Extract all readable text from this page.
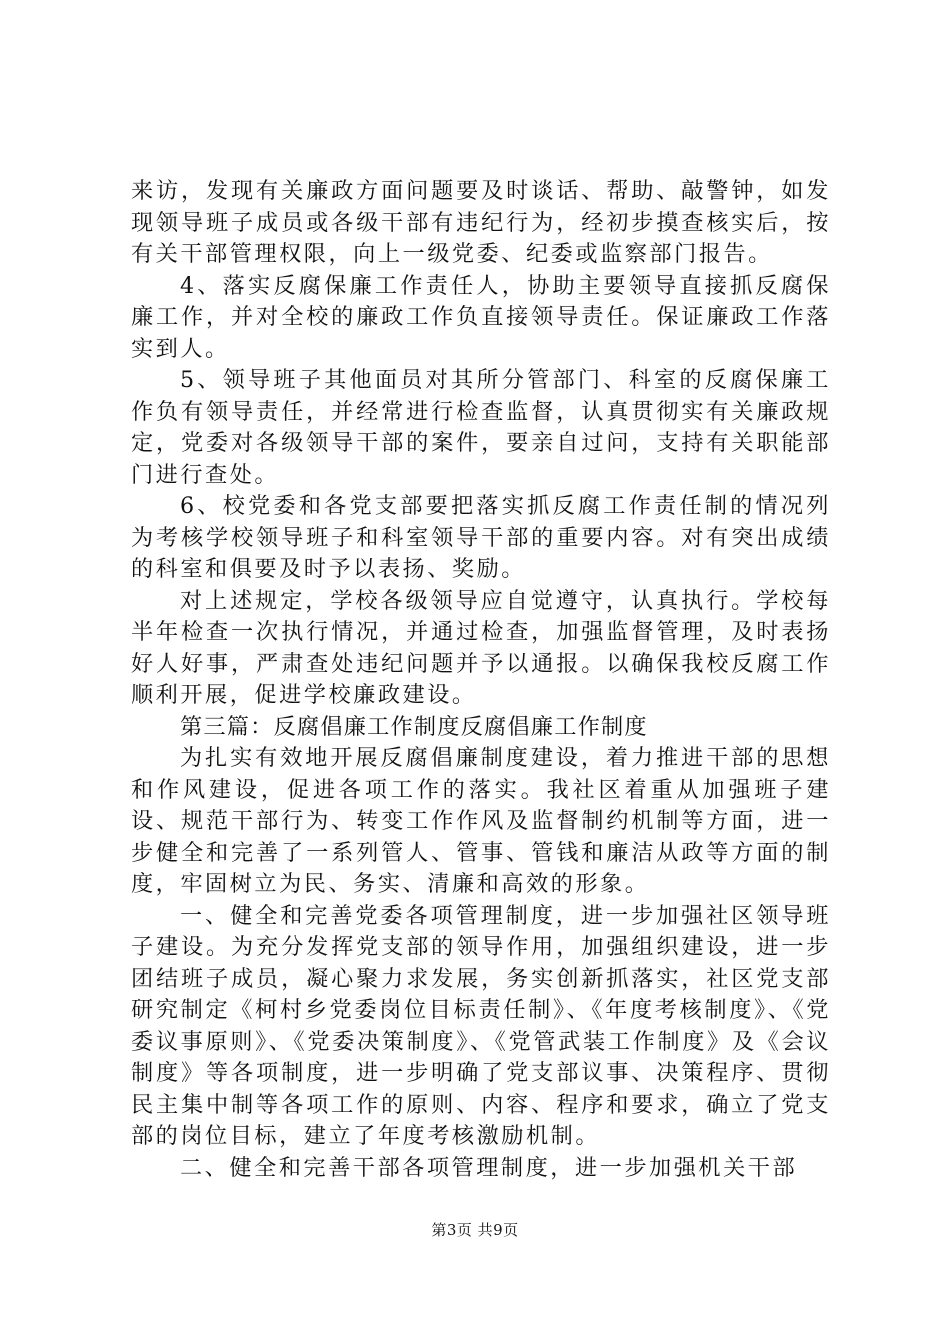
来访，发现有关廉政方面问题要及时谈话、帮助、敲警钟，如发现领导班子成员或各级干部有违纪行为，经初步摸查核实后，按有关干部管理权限，向上一级党委、纪委或监察部门报告。

4、落实反腐保廉工作责任人，协助主要领导直接抓反腐保廉工作，并对全校的廉政工作负直接领导责任。保证廉政工作落实到人。

5、领导班子其他面员对其所分管部门、科室的反腐保廉工作负有领导责任，并经常进行检查监督，认真贯彻实有关廉政规定，党委对各级领导干部的案件，要亲自过问，支持有关职能部门进行查处。

6、校党委和各党支部要把落实抓反腐工作责任制的情况列为考核学校领导班子和科室领导干部的重要内容。对有突出成绩的科室和俱要及时予以表扬、奖励。

对上述规定，学校各级领导应自觉遵守，认真执行。学校每半年检查一次执行情况，并通过检查，加强监督管理，及时表扬好人好事，严肃查处违纪问题并予以通报。以确保我校反腐工作顺利开展，促进学校廉政建设。

第三篇：反腐倡廉工作制度反腐倡廉工作制度

为扎实有效地开展反腐倡廉制度建设，着力推进干部的思想和作风建设，促进各项工作的落实。我社区着重从加强班子建设、规范干部行为、转变工作作风及监督制约机制等方面，进一步健全和完善了一系列管人、管事、管钱和廉洁从政等方面的制度，牢固树立为民、务实、清廉和高效的形象。

一、健全和完善党委各项管理制度，进一步加强社区领导班子建设。为充分发挥党支部的领导作用，加强组织建设，进一步团结班子成员，凝心聚力求发展，务实创新抓落实，社区党支部研究制定《柯村乡党委岗位目标责任制》、《年度考核制度》、《党委议事原则》、《党委决策制度》、《党管武装工作制度》及《会议制度》等各项制度，进一步明确了党支部议事、决策程序、贯彻民主集中制等各项工作的原则、内容、程序和要求，确立了党支部的岗位目标，建立了年度考核激励机制。

二、健全和完善干部各项管理制度，进一步加强机关干部

第3页 共9页
